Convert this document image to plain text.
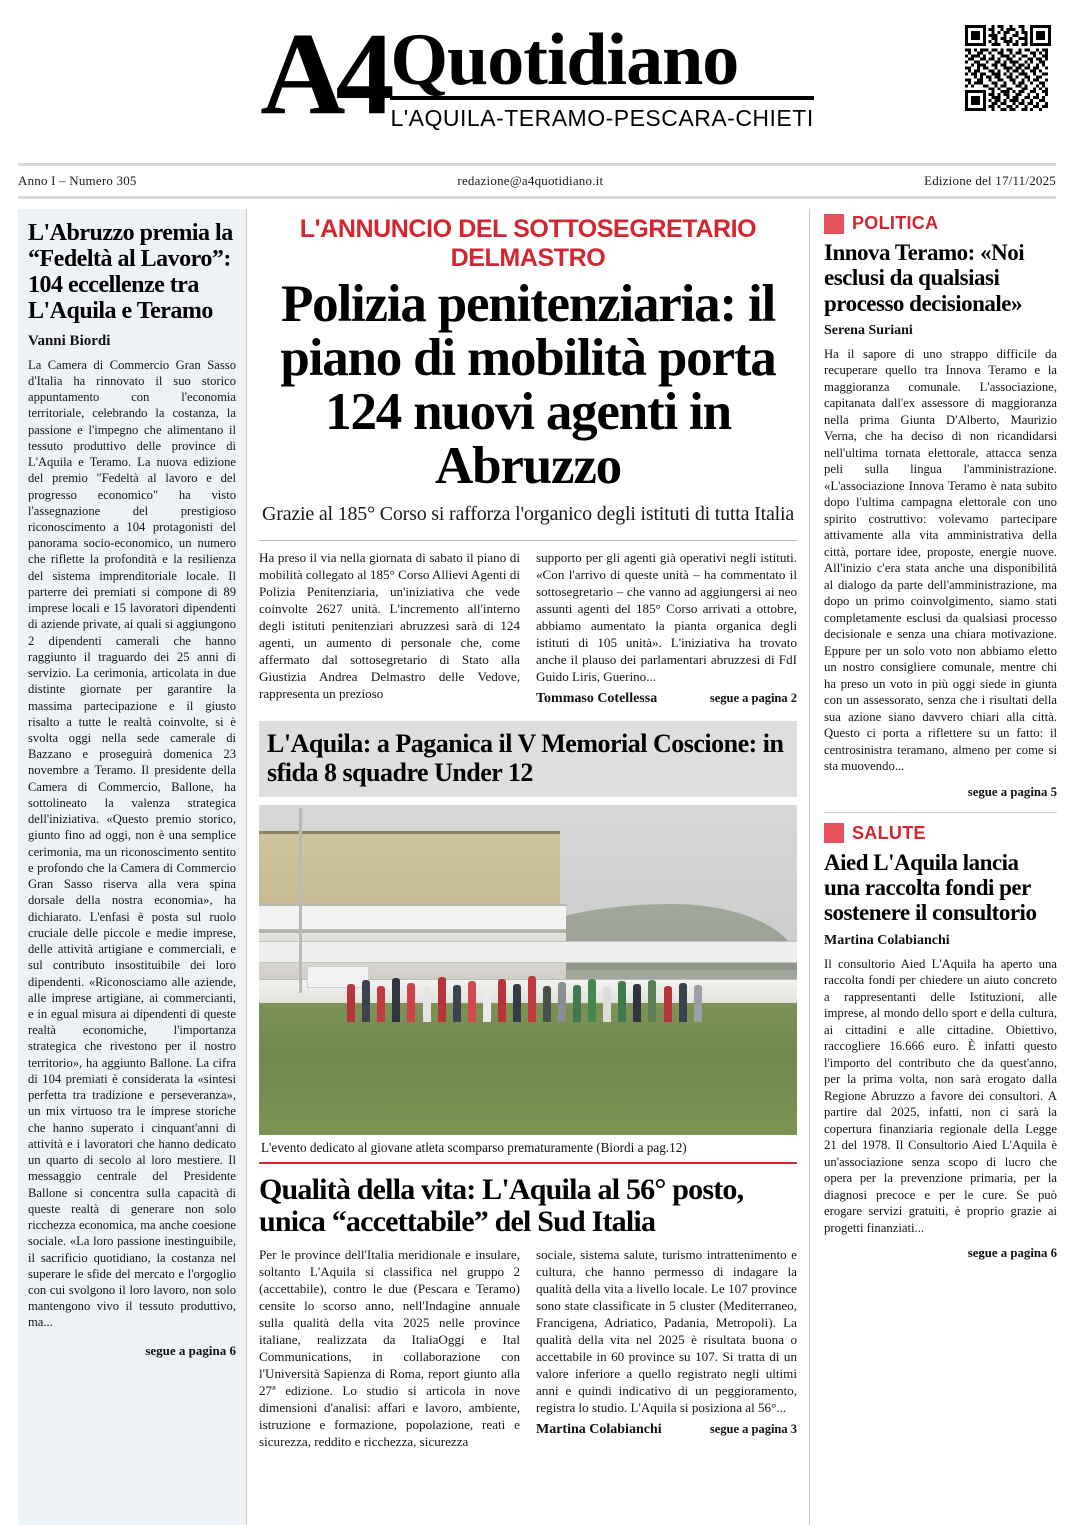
A4 Quotidiano
L'AQUILA-TERAMO-PESCARA-CHIETI
Anno I – Numero 305	redazione@a4quotidiano.it	Edizione del 17/11/2025
L'Abruzzo premia la “Fedeltà al Lavoro”: 104 eccellenze tra L'Aquila e Teramo
Vanni Biordi

La Camera di Commercio Gran Sasso d'Italia ha rinnovato il suo storico appuntamento con l'economia territoriale, celebrando la costanza, la passione e l'impegno che alimentano il tessuto produttivo delle province di L'Aquila e Teramo. La nuova edizione del premio "Fedeltà al lavoro e del progresso economico" ha visto l'assegnazione del prestigioso riconoscimento a 104 protagonisti del panorama socio-economico, un numero che riflette la profondità e la resilienza del sistema imprenditoriale locale. Il parterre dei premiati si compone di 89 imprese locali e 15 lavoratori dipendenti di aziende private, ai quali si aggiungono 2 dipendenti camerali che hanno raggiunto il traguardo dei 25 anni di servizio. La cerimonia, articolata in due distinte giornate per garantire la massima partecipazione e il giusto risalto a tutte le realtà coinvolte, si è svolta oggi nella sede camerale di Bazzano e proseguirà domenica 23 novembre a Teramo. Il presidente della Camera di Commercio, Ballone, ha sottolineato la valenza strategica dell'iniziativa. «Questo premio storico, giunto fino ad oggi, non è una semplice cerimonia, ma un riconoscimento sentito e profondo che la Camera di Commercio Gran Sasso riserva alla vera spina dorsale della nostra economia», ha dichiarato. L'enfasi è posta sul ruolo cruciale delle piccole e medie imprese, delle attività artigiane e commerciali, e sul contributo insostituibile dei loro dipendenti. «Riconosciamo alle aziende, alle imprese artigiane, ai commercianti, e in egual misura ai dipendenti di queste realtà economiche, l'importanza strategica che rivestono per il nostro territorio», ha aggiunto Ballone. La cifra di 104 premiati è considerata la «sintesi perfetta tra tradizione e perseveranza», un mix virtuoso tra le imprese storiche che hanno superato i cinquant'anni di attività e i lavoratori che hanno dedicato un quarto di secolo al loro mestiere. Il messaggio centrale del Presidente Ballone si concentra sulla capacità di queste realtà di generare non solo ricchezza economica, ma anche coesione sociale. «La loro passione inestinguibile, il sacrificio quotidiano, la costanza nel superare le sfide del mercato e l'orgoglio con cui svolgono il loro lavoro, non solo mantengono vivo il tessuto produttivo, ma...

segue a pagina 6
L'ANNUNCIO DEL SOTTOSEGRETARIO DELMASTRO
Polizia penitenziaria: il piano di mobilità porta 124 nuovi agenti in Abruzzo
Grazie al 185° Corso si rafforza l'organico degli istituti di tutta Italia

Ha preso il via nella giornata di sabato il piano di mobilità collegato al 185° Corso Allievi Agenti di Polizia Penitenziaria, un'iniziativa che vede coinvolte 2627 unità. L'incremento all'interno degli istituti penitenziari abruzzesi sarà di 124 agenti, un aumento di personale che, come affermato dal sottosegretario di Stato alla Giustizia Andrea Delmastro delle Vedove, rappresenta un prezioso

supporto per gli agenti già operativi negli istituti. «Con l'arrivo di queste unità – ha commentato il sottosegretario – che vanno ad aggiungersi ai neo assunti agenti del 185° Corso arrivati a ottobre, abbiamo aumentato la pianta organica degli istituti di 105 unità». L'iniziativa ha trovato anche il plauso dei parlamentari abruzzesi di FdI Guido Liris, Guerino...

Tommaso Cotellessa	segue a pagina 2
L'Aquila: a Paganica il V Memorial Coscione: in sfida 8 squadre Under 12
L'evento dedicato al giovane atleta scomparso prematuramente (Biordi a pag.12)
Qualità della vita: L'Aquila al 56° posto, unica “accettabile” del Sud Italia

Per le province dell'Italia meridionale e insulare, soltanto L'Aquila si classifica nel gruppo 2 (accettabile), contro le due (Pescara e Teramo) censite lo scorso anno, nell'Indagine annuale sulla qualità della vita 2025 nelle province italiane, realizzata da ItaliaOggi e Ital Communications, in collaborazione con l'Università Sapienza di Roma, report giunto alla 27ª edizione. Lo studio si articola in nove dimensioni d'analisi: affari e lavoro, ambiente, istruzione e formazione, popolazione, reati e sicurezza, reddito e ricchezza, sicurezza

sociale, sistema salute, turismo intrattenimento e cultura, che hanno permesso di indagare la qualità della vita a livello locale. Le 107 province sono state classificate in 5 cluster (Mediterraneo, Francigena, Adriatico, Padania, Metropoli). La qualità della vita nel 2025 è risultata buona o accettabile in 60 province su 107. Si tratta di un valore inferiore a quello registrato negli ultimi anni e quindi indicativo di un peggioramento, registra lo studio. L'Aquila si posiziona al 56°...

Martina Colabianchi	segue a pagina 3
POLITICA
Innova Teramo: «Noi esclusi da qualsiasi processo decisionale»
Serena Suriani

Ha il sapore di uno strappo difficile da recuperare quello tra Innova Teramo e la maggioranza comunale. L'associazione, capitanata dall'ex assessore di maggioranza nella prima Giunta D'Alberto, Maurizio Verna, che ha deciso di non ricandidarsi nell'ultima tornata elettorale, attacca senza peli sulla lingua l'amministrazione. «L'associazione Innova Teramo è nata subito dopo l'ultima campagna elettorale con uno spirito costruttivo: volevamo partecipare attivamente alla vita amministrativa della città, portare idee, proposte, energie nuove. All'inizio c'era stata anche una disponibilità al dialogo da parte dell'amministrazione, ma dopo un primo coinvolgimento, siamo stati completamente esclusi da qualsiasi processo decisionale e senza una chiara motivazione. Eppure per un solo voto non abbiamo eletto un nostro consigliere comunale, mentre chi ha preso un voto in più oggi siede in giunta con un assessorato, senza che i risultati della sua azione siano davvero chiari alla città. Questo ci porta a riflettere su un fatto: il centrosinistra teramano, almeno per come si sta muovendo...

segue a pagina 5
SALUTE
Aied L'Aquila lancia una raccolta fondi per sostenere il consultorio
Martina Colabianchi

Il consultorio Aied L'Aquila ha aperto una raccolta fondi per chiedere un aiuto concreto a rappresentanti delle Istituzioni, alle imprese, al mondo dello sport e della cultura, ai cittadini e alle cittadine. Obiettivo, raccogliere 16.666 euro. È infatti questo l'importo del contributo che da quest'anno, per la prima volta, non sarà erogato dalla Regione Abruzzo a favore dei consultori. A partire dal 2025, infatti, non ci sarà la copertura finanziaria regionale della Legge 21 del 1978. Il Consultorio Aied L'Aquila è un'associazione senza scopo di lucro che opera per la prevenzione primaria, per la diagnosi precoce e per le cure. Se può erogare servizi gratuiti, è proprio grazie ai progetti finanziati...

segue a pagina 6
